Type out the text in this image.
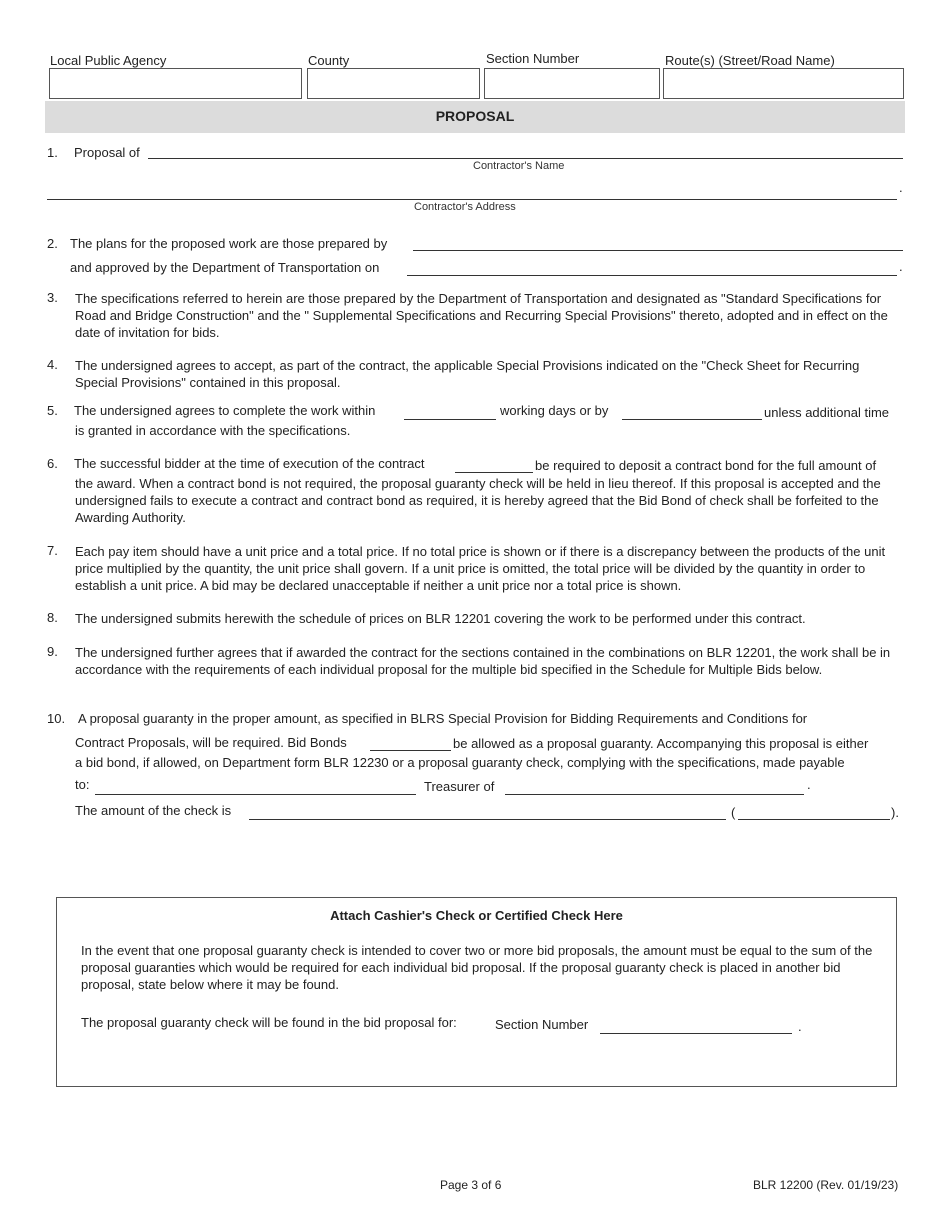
Local Public Agency	County	Section Number	Route(s) (Street/Road Name)
PROPOSAL
1. Proposal of
Contractor's Name
.
Contractor's Address
2. The plans for the proposed work are those prepared by
and approved by the Department of Transportation on	.
3. The specifications referred to herein are those prepared by the Department of Transportation and designated as "Standard Specifications for Road and Bridge Construction" and the " Supplemental Specifications and Recurring Special Provisions" thereto, adopted and in effect on the date of invitation for bids.
4. The undersigned agrees to accept, as part of the contract, the applicable Special Provisions indicated on the "Check Sheet for Recurring Special Provisions" contained in this proposal.
5. The undersigned agrees to complete the work within	working days or by	unless additional time
is granted in accordance with the specifications.
6. The successful bidder at the time of execution of the contract	be required to deposit a contract bond for the full amount of
the award. When a contract bond is not required, the proposal guaranty check will be held in lieu thereof. If this proposal is accepted and the undersigned fails to execute a contract and contract bond as required, it is hereby agreed that the Bid Bond of check shall be forfeited to the Awarding Authority.
7. Each pay item should have a unit price and a total price. If no total price is shown or if there is a discrepancy between the products of the unit price multiplied by the quantity, the unit price shall govern. If a unit price is omitted, the total price will be divided by the quantity in order to establish a unit price. A bid may be declared unacceptable if neither a unit price nor a total price is shown.
8. The undersigned submits herewith the schedule of prices on BLR 12201 covering the work to be performed under this contract.
9. The undersigned further agrees that if awarded the contract for the sections contained in the combinations on BLR 12201, the work shall be in accordance with the requirements of each individual proposal for the multiple bid specified in the Schedule for Multiple Bids below.
10. A proposal guaranty in the proper amount, as specified in BLRS Special Provision for Bidding Requirements and Conditions for
Contract Proposals, will be required. Bid Bonds	be allowed as a proposal guaranty. Accompanying this proposal is either
a bid bond, if allowed, on Department form BLR 12230 or a proposal guaranty check, complying with the specifications, made payable
to:	Treasurer of	.
The amount of the check is	(	).
Attach Cashier's Check or Certified Check Here
In the event that one proposal guaranty check is intended to cover two or more bid proposals, the amount must be equal to the sum of the proposal guaranties which would be required for each individual bid proposal. If the proposal guaranty check is placed in another bid proposal, state below where it may be found.
The proposal guaranty check will be found in the bid proposal for:	Section Number	.
Page 3 of 6	BLR 12200 (Rev. 01/19/23)
